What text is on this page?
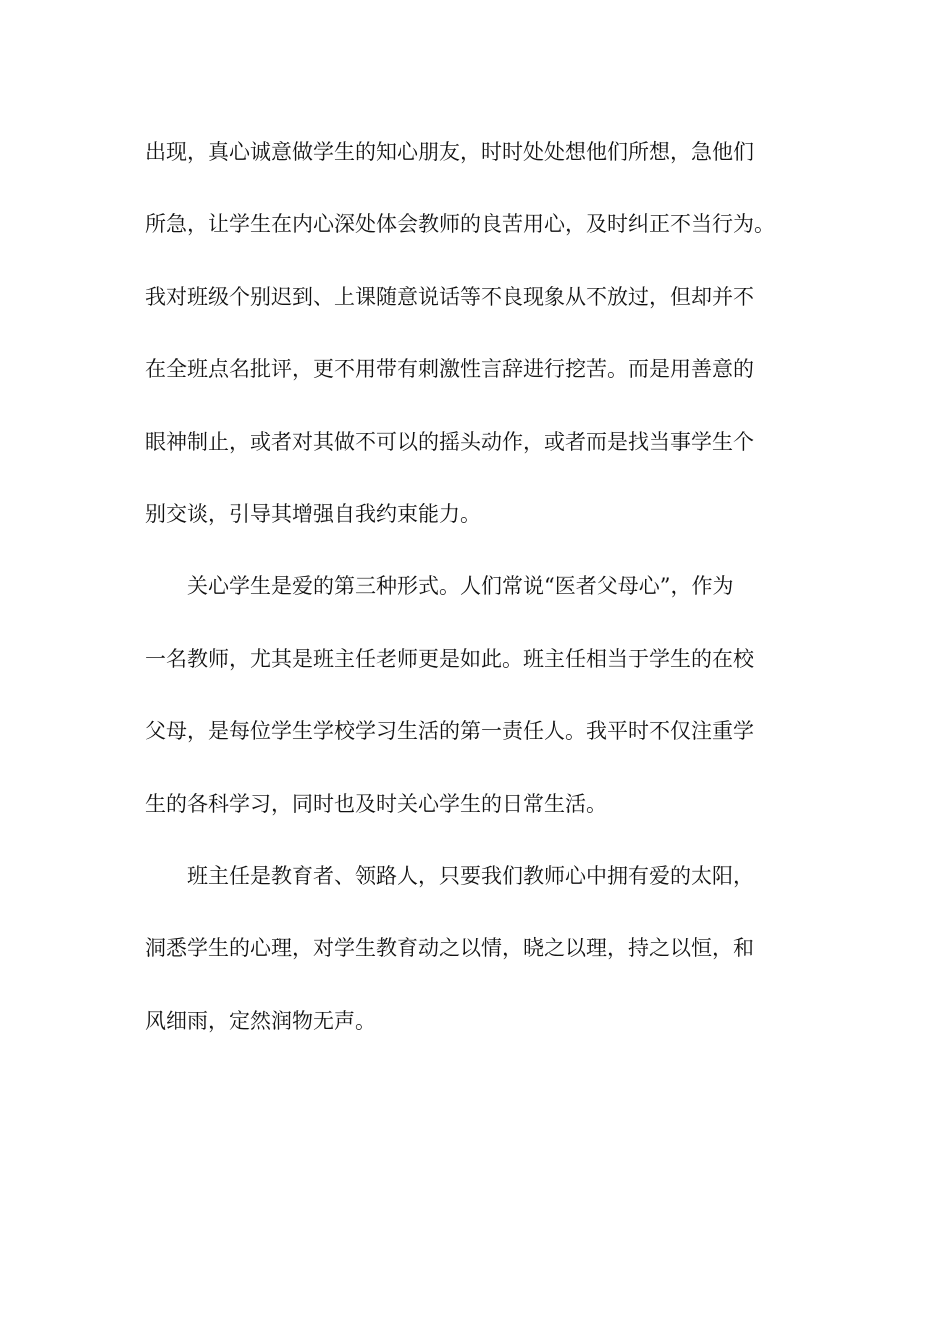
出现，真心诚意做学生的知心朋友，时时处处想他们所想，急他们
所急，让学生在内心深处体会教师的良苦用心，及时纠正不当行为。
我对班级个别迟到、上课随意说话等不良现象从不放过，但却并不
在全班点名批评，更不用带有刺激性言辞进行挖苦。而是用善意的
眼神制止，或者对其做不可以的摇头动作，或者而是找当事学生个
别交谈，引导其增强自我约束能力。
关心学生是爱的第三种形式。人们常说“医者父母心”，作为
一名教师，尤其是班主任老师更是如此。班主任相当于学生的在校
父母，是每位学生学校学习生活的第一责任人。我平时不仅注重学
生的各科学习，同时也及时关心学生的日常生活。
班主任是教育者、领路人，只要我们教师心中拥有爱的太阳，
洞悉学生的心理，对学生教育动之以情，晓之以理，持之以恒，和
风细雨，定然润物无声。
